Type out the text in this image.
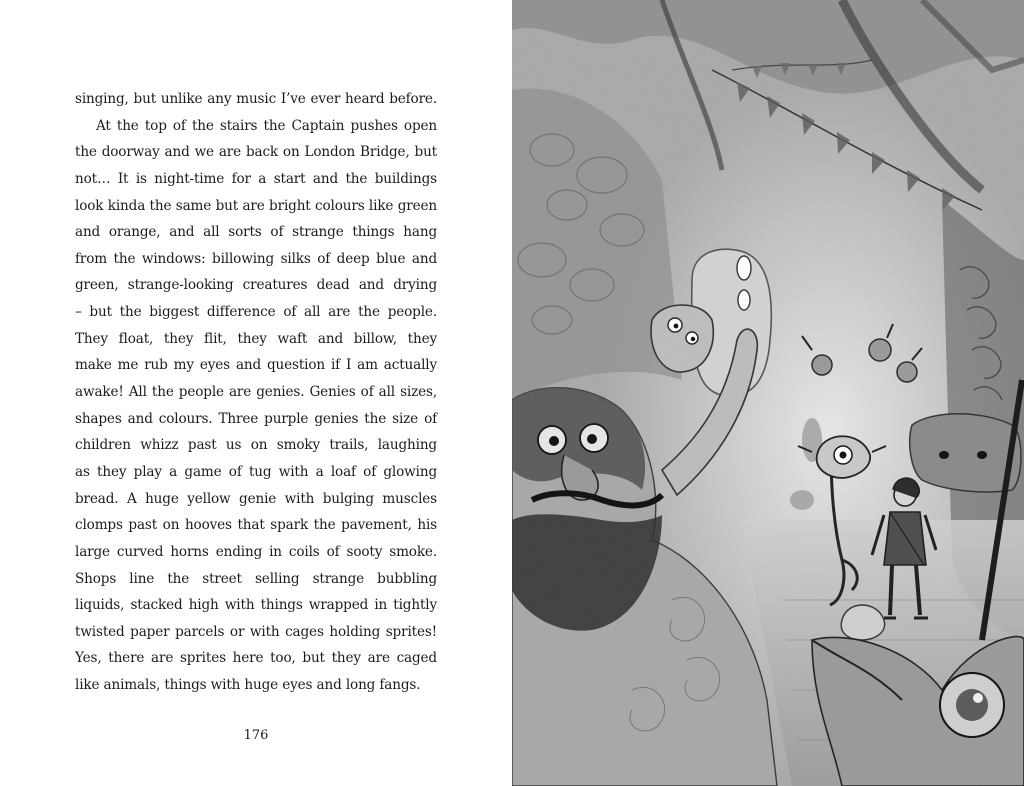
singing, but unlike any music I’ve ever heard before.
At the top of the stairs the Captain pushes open
the doorway and we are back on London Bridge, but
not… It is night-time for a start and the buildings
look kinda the same but are bright colours like green
and orange, and all sorts of strange things hang
from the windows: billowing silks of deep blue and
green, strange-looking creatures dead and drying
– but the biggest difference of all are the people.
They float, they flit, they waft and billow, they
make me rub my eyes and question if I am actually
awake! All the people are genies. Genies of all sizes,
shapes and colours. Three purple genies the size of
children whizz past us on smoky trails, laughing
as they play a game of tug with a loaf of glowing
bread. A huge yellow genie with bulging muscles
clomps past on hooves that spark the pavement, his
large curved horns ending in coils of sooty smoke.
Shops line the street selling strange bubbling
liquids, stacked high with things wrapped in tightly
twisted paper parcels or with cages holding sprites!
Yes, there are sprites here too, but they are caged
like animals, things with huge eyes and long fangs.
176
